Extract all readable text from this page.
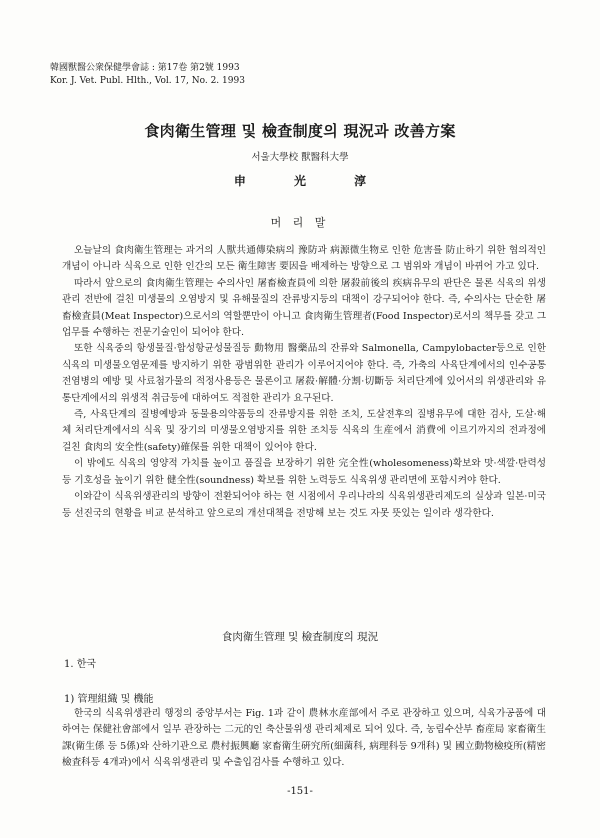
韓國獸醫公衆保健學會誌 : 第17卷 第2號 1993
Kor. J. Vet. Publ. Hlth., Vol. 17, No. 2. 1993
食肉衛生管理 및 檢査制度의 現況과 改善方案
서울大學校 獸醫科大學
申 光 淳
머 리 말

오늘날의 食肉衛生管理는 과거의 人獸共通傳染病의 豫防과 病源微生物로 인한 危害를 防止하기 위한 협의적인 개념이 아니라 식육으로 인한 인간의 모든 衛生障害 要因을 배제하는 방향으로 그 범위와 개념이 바뀌어 가고 있다.

따라서 앞으로의 食肉衛生管理는 수의사인 屠畜檢査員에 의한 屠殺前後의 疾病유무의 판단은 물론 식육의 위생관리 전반에 걸친 미생물의 오염방지 및 유해물질의 잔류방지등의 대책이 강구되어야 한다. 즉, 수의사는 단순한 屠畜檢査員(Meat Inspector)으로서의 역할뿐만이 아니고 食肉衛生管理者(Food Inspector)로서의 책무를 갖고 그 업무를 수행하는 전문기술인이 되어야 한다.

또한 식육중의 항생물질·합성항균성물질등 動物用 醫藥品의 잔류와 Salmonella, Campylobacter등으로 인한 식육의 미생물오염문제를 방지하기 위한 광범위한 관리가 이루어지어야 한다. 즉, 가축의 사육단계에서의 인수공통전염병의 예방 및 사료첨가물의 적정사용등은 물론이고 屠殺·解體·分割·切斷등 처리단계에 있어서의 위생관리와 유통단계에서의 위생적 취급등에 대하여도 적절한 관리가 요구된다.

즉, 사육단계의 질병예방과 동물용의약품등의 잔류방지를 위한 조치, 도살전후의 질병유무에 대한 검사, 도살·해체 처리단계에서의 식육 및 장기의 미생물오염방지를 위한 조치등 식육의 生産에서 消費에 이르기까지의 전과정에 걸친 食肉의 安全性(safety)確保를 위한 대책이 있어야 한다.

이 밖에도 식육의 영양적 가치를 높이고 품질을 보장하기 위한 完全性(wholesomeness)확보와 맛·색깔·탄력성등 기호성을 높이기 위한 健全性(soundness) 확보를 위한 노력등도 식육위생 관리면에 포함시켜야 한다.

이와같이 식육위생관리의 방향이 전환되어야 하는 현 시점에서 우리나라의 식육위생관리제도의 실상과 일본·미국등 선진국의 현황을 비교 분석하고 앞으로의 개선대책을 전망해 보는 것도 자못 뜻있는 일이라 생각한다.

食肉衛生管理 및 檢査制度의 現況
1. 한국
1) 管理組織 및 機能

한국의 식육위생관리 행정의 중앙부서는 Fig. 1과 같이 農林水産部에서 주로 관장하고 있으며, 식육가공품에 대하여는 保健社會部에서 일부 관장하는 二元的인 축산물위생 관리체제로 되어 있다. 즉, 농림수산부 畜産局 家畜衛生課(衛生係 등 5係)와 산하기관으로 農村振興廳 家畜衛生硏究所(細菌科, 病理科등 9개科) 및 國立動物檢疫所(精密檢査科등 4개과)에서 식육위생관리 및 수출입검사를 수행하고 있다.

-151-
